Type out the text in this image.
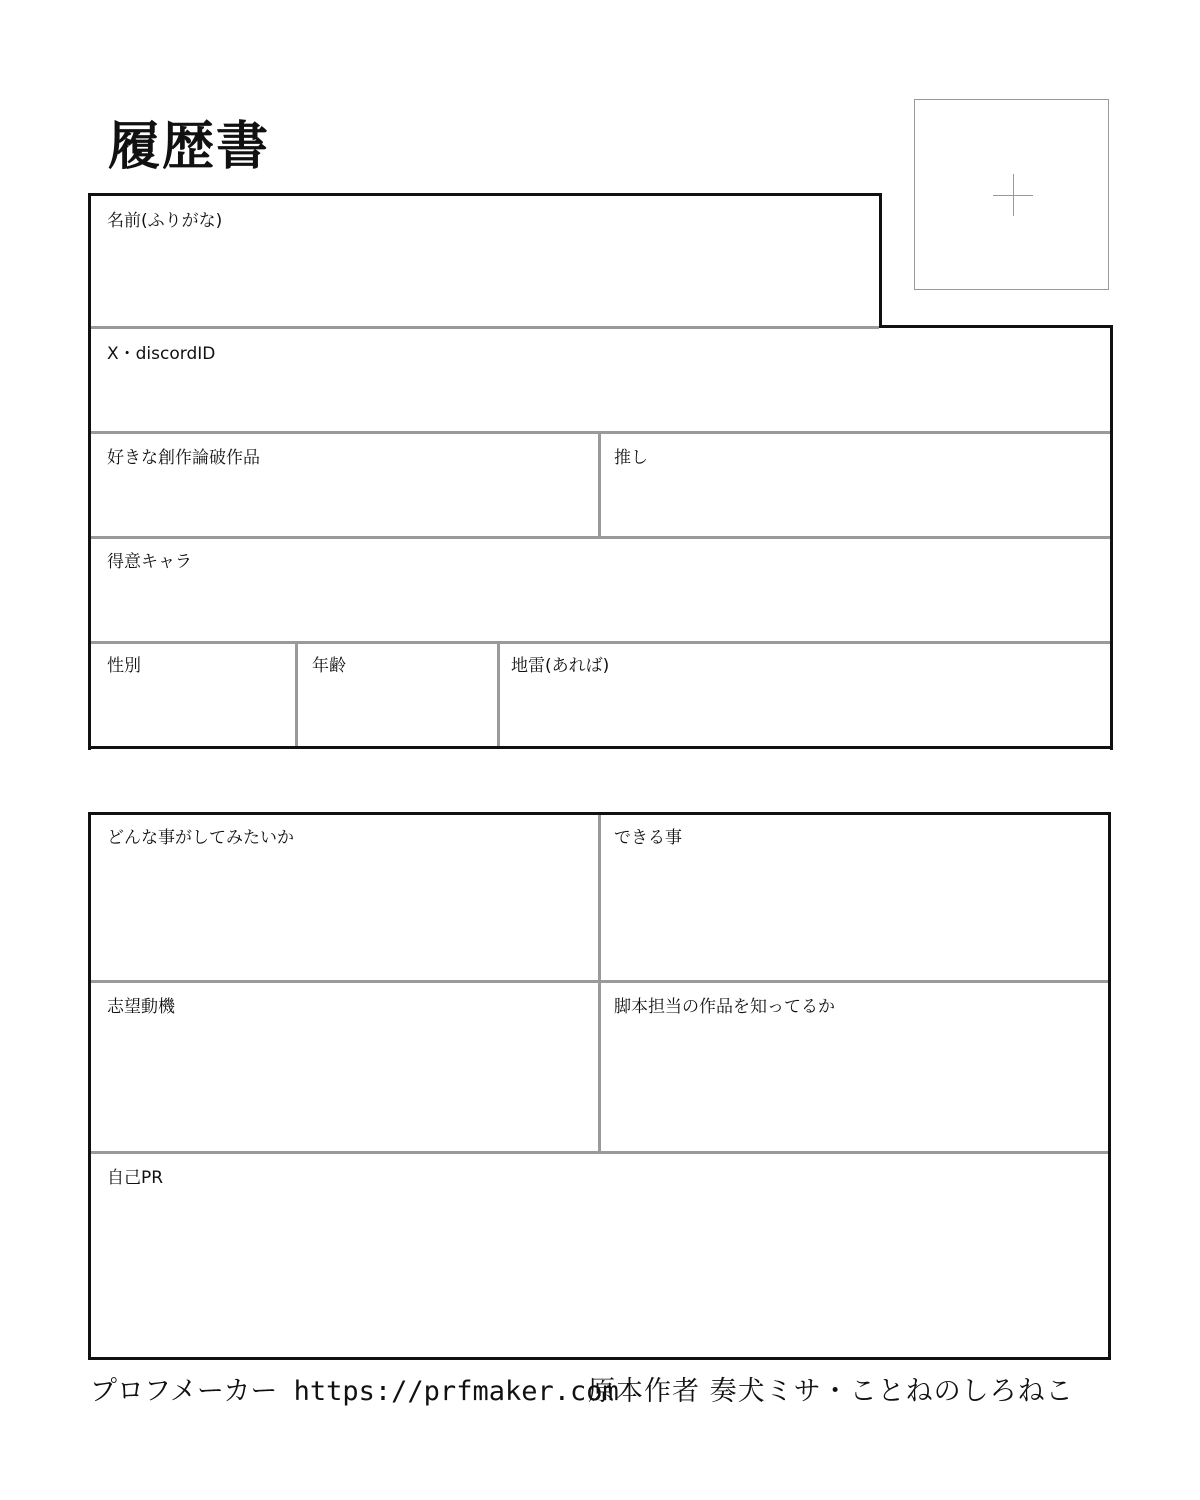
履歴書
名前(ふりがな)
X・discordID
好きな創作論破作品	推し
得意キャラ
性別	年齢	地雷(あれば)
どんな事がしてみたいか	できる事
志望動機	脚本担当の作品を知ってるか
自己PR
プロフメーカー https://prfmaker.com
原本作者 奏犬ミサ・ことねのしろねこ
